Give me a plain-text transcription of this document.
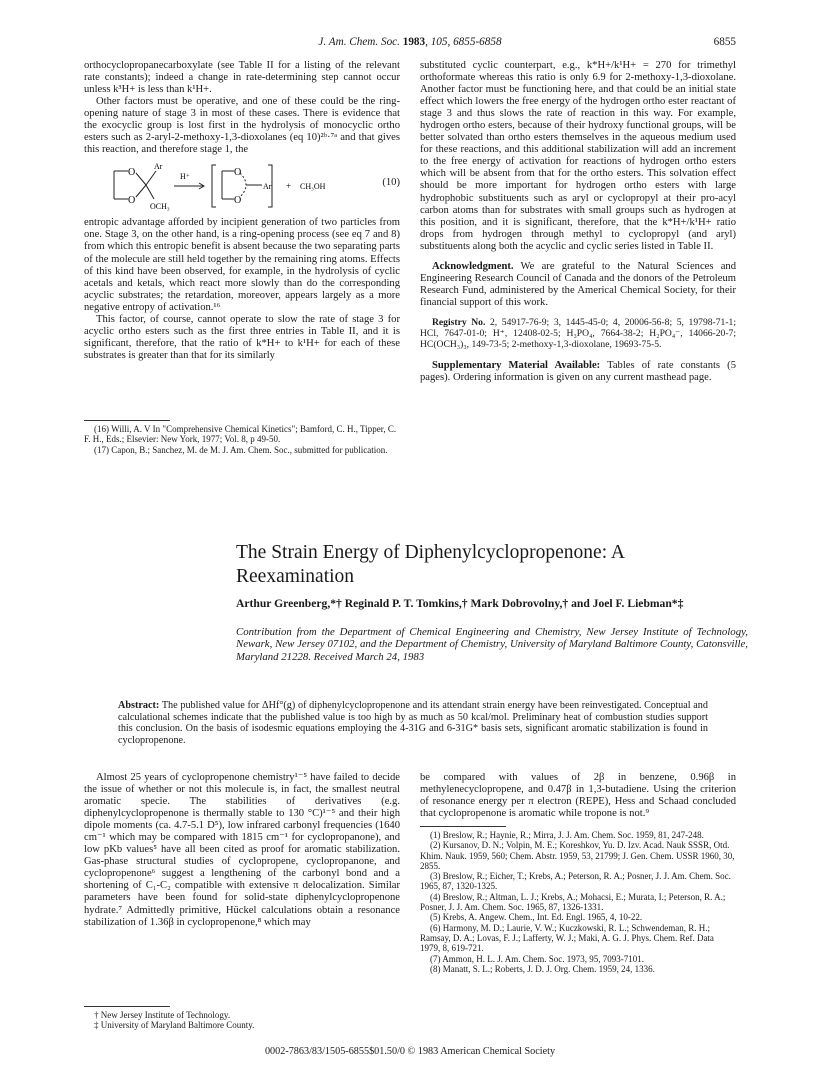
J. Am. Chem. Soc. 1983, 105, 6855-6858	6855

orthocyclopropanecarboxylate (see Table II for a listing of the relevant rate constants); indeed a change in rate-determining step cannot occur unless k³H+ is less than k¹H+.

Other factors must be operative, and one of these could be the ring-opening nature of stage 3 in most of these cases. There is evidence that the exocyclic group is lost first in the hydrolysis of monocyclic ortho esters such as 2-aryl-2-methoxy-1,3-dioxolanes (eq 10)²ᵇ·⁷ᵃ and that gives this reaction, and therefore stage 1, the

O
O
Ar
OCH₃
H⁺	O
O
Ar + CH₃OH	(10)

entropic advantage afforded by incipient generation of two particles from one. Stage 3, on the other hand, is a ring-opening process (see eq 7 and 8) from which this entropic benefit is absent because the two separating parts of the molecule are still held together by the remaining ring atoms. Effects of this kind have been observed, for example, in the hydrolysis of cyclic acetals and ketals, which react more slowly than do the corresponding acyclic substrates; the retardation, moreover, appears largely as a more negative entropy of activation.¹⁶

This factor, of course, cannot operate to slow the rate of stage 3 for acyclic ortho esters such as the first three entries in Table II, and it is significant, therefore, that the ratio of k*H+ to k¹H+ for each of these substrates is greater than that for its similarly

(16) Willi, A. V In "Comprehensive Chemical Kinetics"; Bamford, C. H., Tipper, C. F. H., Eds.; Elsevier: New York, 1977; Vol. 8, p 49-50.

(17) Capon, B.; Sanchez, M. de M. J. Am. Chem. Soc., submitted for publication.

substituted cyclic counterpart, e.g., k*H+/k¹H+ = 270 for trimethyl orthoformate whereas this ratio is only 6.9 for 2-methoxy-1,3-dioxolane. Another factor must be functioning here, and that could be an initial state effect which lowers the free energy of the hydrogen ortho ester reactant of stage 3 and thus slows the rate of reaction in this way. For example, hydrogen ortho esters, because of their hydroxy functional groups, will be better solvated than ortho esters themselves in the aqueous medium used for these reactions, and this additional stabilization will add an increment to the free energy of activation for reactions of hydrogen ortho esters which will be absent from that for the ortho esters. This solvation effect should be more important for hydrogen ortho esters with large hydrophobic substituents such as aryl or cyclopropyl at their pro-acyl carbon atoms than for substrates with small groups such as hydrogen at this position, and it is significant, therefore, that the k*H+/k¹H+ ratio drops from hydrogen through methyl to cyclopropyl (and aryl) substituents along both the acyclic and cyclic series listed in Table II.

Acknowledgment. We are grateful to the Natural Sciences and Engineering Research Council of Canada and the donors of the Petroleum Research Fund, administered by the Americal Chemical Society, for their financial support of this work.

Registry No. 2, 54917-76-9; 3, 1445-45-0; 4, 20006-56-8; 5, 19798-71-1; HCl, 7647-01-0; H⁺, 12408-02-5; H₃PO₄, 7664-38-2; H₂PO₄⁻, 14066-20-7; HC(OCH₃)₃, 149-73-5; 2-methoxy-1,3-dioxolane, 19693-75-5.

Supplementary Material Available: Tables of rate constants (5 pages). Ordering information is given on any current masthead page.

The Strain Energy of Diphenylcyclopropenone: A Reexamination
Arthur Greenberg,*† Reginald P. T. Tomkins,† Mark Dobrovolny,† and Joel F. Liebman*‡
Contribution from the Department of Chemical Engineering and Chemistry, New Jersey Institute of Technology, Newark, New Jersey 07102, and the Department of Chemistry, University of Maryland Baltimore County, Catonsville, Maryland 21228. Received March 24, 1983
Abstract: The published value for ΔHf°(g) of diphenylcyclopropenone and its attendant strain energy have been reinvestigated. Conceptual and calculational schemes indicate that the published value is too high by as much as 50 kcal/mol. Preliminary heat of combustion studies support this conclusion. On the basis of isodesmic equations employing the 4-31G and 6-31G* basis sets, significant aromatic stabilization is found in cyclopropenone.

Almost 25 years of cyclopropenone chemistry¹⁻⁵ have failed to decide the issue of whether or not this molecule is, in fact, the smallest neutral aromatic specie. The stabilities of derivatives (e.g. diphenylcyclopropenone is thermally stable to 130 °C)¹⁻⁵ and their high dipole moments (ca. 4.7-5.1 D⁵), low infrared carbonyl frequencies (1640 cm⁻¹ which may be compared with 1815 cm⁻¹ for cyclopropanone), and low pKb values⁵ have all been cited as proof for aromatic stabilization. Gas-phase structural studies of cyclopropene, cyclopropanone, and cyclopropenone⁶ suggest a lengthening of the carbonyl bond and a shortening of C₁-C₂ compatible with extensive π delocalization. Similar parameters have been found for solid-state diphenylcyclopropenone hydrate.⁷ Admittedly primitive, Hückel calculations obtain a resonance stabilization of 1.36β in cyclopropenone,⁸ which may

† New Jersey Institute of Technology.

‡ University of Maryland Baltimore County.

be compared with values of 2β in benzene, 0.96β in methylenecyclopropene, and 0.47β in 1,3-butadiene. Using the criterion of resonance energy per π electron (REPE), Hess and Schaad concluded that cyclopropenone is aromatic while tropone is not.⁹

(1) Breslow, R.; Haynie, R.; Mirra, J. J. Am. Chem. Soc. 1959, 81, 247-248.

(2) Kursanov, D. N.; Volpin, M. E.; Koreshkov, Yu. D. Izv. Acad. Nauk SSSR, Otd. Khim. Nauk. 1959, 560; Chem. Abstr. 1959, 53, 21799; J. Gen. Chem. USSR 1960, 30, 2855.

(3) Breslow, R.; Eicher, T.; Krebs, A.; Peterson, R. A.; Posner, J. J. Am. Chem. Soc. 1965, 87, 1320-1325.

(4) Breslow, R.; Altman, L. J.; Krebs, A.; Mohacsi, E.; Murata, I.; Peterson, R. A.; Posner, J. J. Am. Chem. Soc. 1965, 87, 1326-1331.

(5) Krebs, A. Angew. Chem., Int. Ed. Engl. 1965, 4, 10-22.

(6) Harmony, M. D.; Laurie, V. W.; Kuczkowski, R. L.; Schwendeman, R. H.; Ramsay, D. A.; Lovas, F. J.; Lafferty, W. J.; Maki, A. G. J. Phys. Chem. Ref. Data 1979, 8, 619-721.

(7) Ammon, H. L. J. Am. Chem. Soc. 1973, 95, 7093-7101.

(8) Manatt, S. L.; Roberts, J. D. J. Org. Chem. 1959, 24, 1336.

0002-7863/83/1505-6855$01.50/0 © 1983 American Chemical Society
